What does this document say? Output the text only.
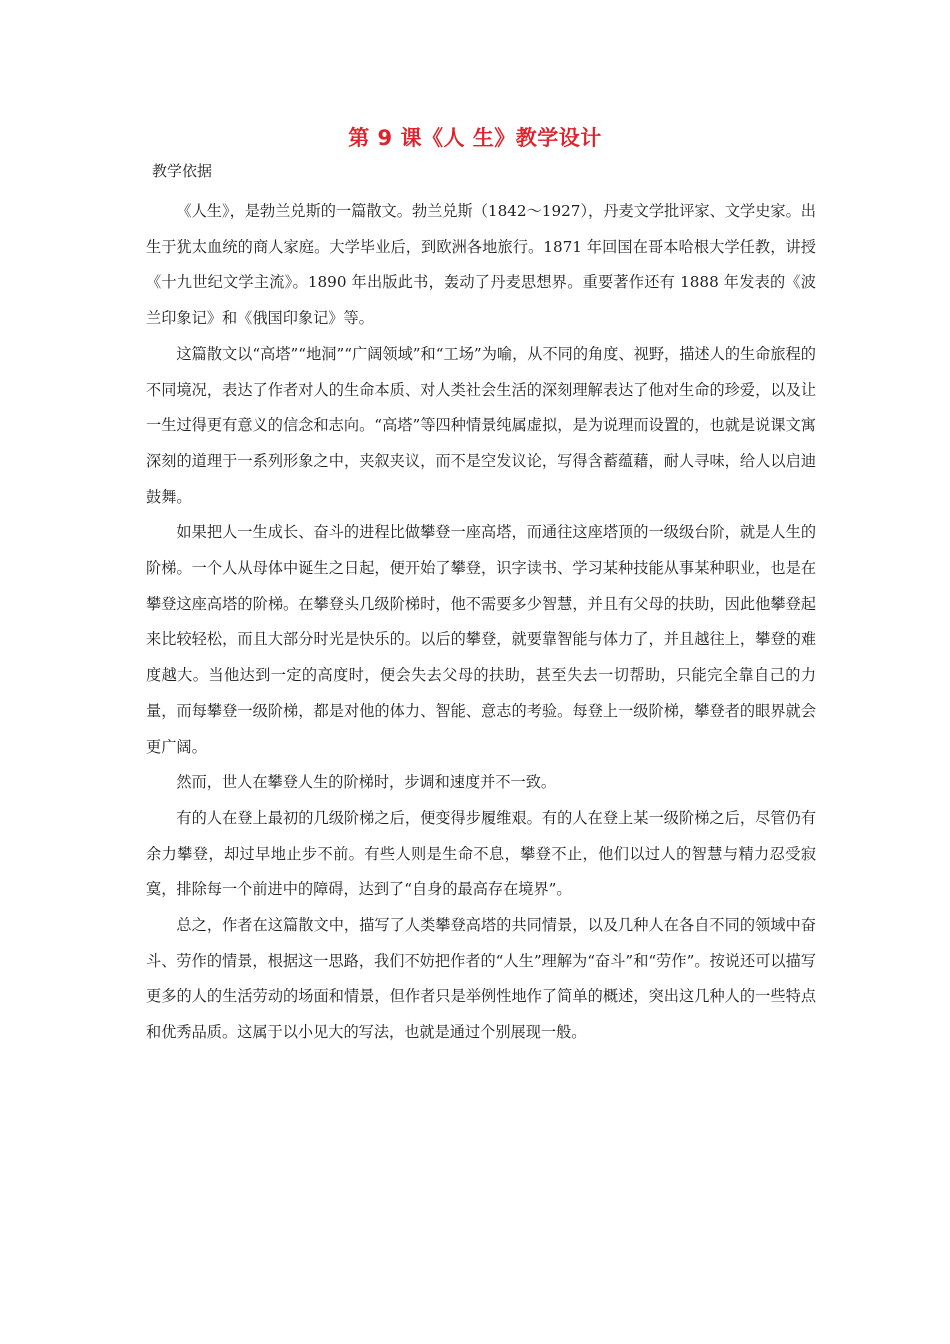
第 9 课《人 生》教学设计
教学依据

《人生》，是勃兰兑斯的一篇散文。勃兰兑斯（1842～1927），丹麦文学批评家、文学史家。出生于犹太血统的商人家庭。大学毕业后，到欧洲各地旅行。1871 年回国在哥本哈根大学任教，讲授《十九世纪文学主流》。1890 年出版此书，轰动了丹麦思想界。重要著作还有 1888 年发表的《波兰印象记》和《俄国印象记》等。

这篇散文以“高塔”“地洞”“广阔领域”和“工场”为喻，从不同的角度、视野，描述人的生命旅程的不同境况，表达了作者对人的生命本质、对人类社会生活的深刻理解表达了他对生命的珍爱，以及让一生过得更有意义的信念和志向。“高塔”等四种情景纯属虚拟，是为说理而设置的，也就是说课文寓深刻的道理于一系列形象之中，夹叙夹议，而不是空发议论，写得含蓄蕴藉，耐人寻味，给人以启迪鼓舞。

如果把人一生成长、奋斗的进程比做攀登一座高塔，而通往这座塔顶的一级级台阶，就是人生的阶梯。一个人从母体中诞生之日起，便开始了攀登，识字读书、学习某种技能从事某种职业，也是在攀登这座高塔的阶梯。在攀登头几级阶梯时，他不需要多少智慧，并且有父母的扶助，因此他攀登起来比较轻松，而且大部分时光是快乐的。以后的攀登，就要靠智能与体力了，并且越往上，攀登的难度越大。当他达到一定的高度时，便会失去父母的扶助，甚至失去一切帮助，只能完全靠自己的力量，而每攀登一级阶梯，都是对他的体力、智能、意志的考验。每登上一级阶梯，攀登者的眼界就会更广阔。

然而，世人在攀登人生的阶梯时，步调和速度并不一致。

有的人在登上最初的几级阶梯之后，便变得步履维艰。有的人在登上某一级阶梯之后，尽管仍有余力攀登，却过早地止步不前。有些人则是生命不息，攀登不止，他们以过人的智慧与精力忍受寂寞，排除每一个前进中的障碍，达到了“自身的最高存在境界”。

总之，作者在这篇散文中，描写了人类攀登高塔的共同情景，以及几种人在各自不同的领域中奋斗、劳作的情景，根据这一思路，我们不妨把作者的“人生”理解为“奋斗”和“劳作”。按说还可以描写更多的人的生活劳动的场面和情景，但作者只是举例性地作了简单的概述，突出这几种人的一些特点和优秀品质。这属于以小见大的写法，也就是通过个别展现一般。
